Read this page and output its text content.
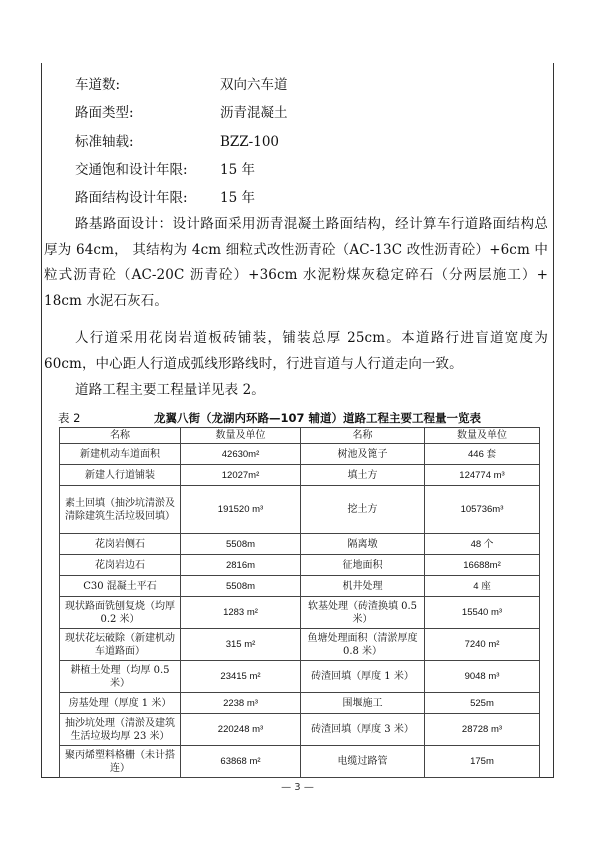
车道数:	双向六车道
路面类型:	沥青混凝土
标准轴载:	BZZ-100
交通饱和设计年限: 15 年
路面结构设计年限: 15 年
路基路面设计：设计路面采用沥青混凝土路面结构，经计算车行道路面结构总厚为 64cm， 其结构为 4cm 细粒式改性沥青砼（AC-13C 改性沥青砼）+6cm 中粒式沥青砼（AC-20C 沥青砼）+36cm 水泥粉煤灰稳定碎石（分两层施工）+ 18cm 水泥石灰石。
人行道采用花岗岩道板砖铺装，铺装总厚 25cm。本道路行进盲道宽度为 60cm，中心距人行道成弧线形路线时，行进盲道与人行道走向一致。
道路工程主要工程量详见表 2。
表 2	龙翼八街（龙湖内环路—107 辅道）道路工程主要工程量一览表
名称	数量及单位	名称	数量及单位
新建机动车道面积	42630m²	树池及篦子	446 套
新建人行道铺装	12027m²	填土方	124774 m³
素土回填（抽沙坑清淤及清除建筑生活垃圾回填）	191520 m³	挖土方	105736m³
花岗岩侧石	5508m	隔离墩	48 个
花岗岩边石	2816m	征地面积	16688m²
C30 混凝土平石	5508m	机井处理	4 座
现状路面铣刨复烧（均厚 0.2 米）	1283 m²	软基处理（砖渣换填 0.5 米）	15540 m³
现状花坛破除（新建机动车道路面）	315 m²	鱼塘处理面积（清淤厚度 0.8 米）	7240 m²
耕植土处理（均厚 0.5 米）	23415 m²	砖渣回填（厚度 1 米）	9048 m³
房基处理（厚度 1 米）	2238 m³	围堰施工	525m
抽沙坑处理（清淤及建筑生活垃圾均厚 23 米）	220248 m³	砖渣回填（厚度 3 米）	28728 m³
聚丙烯塑料格栅（未计搭连）	63868 m²	电缆过路管	175m
— 3 —
